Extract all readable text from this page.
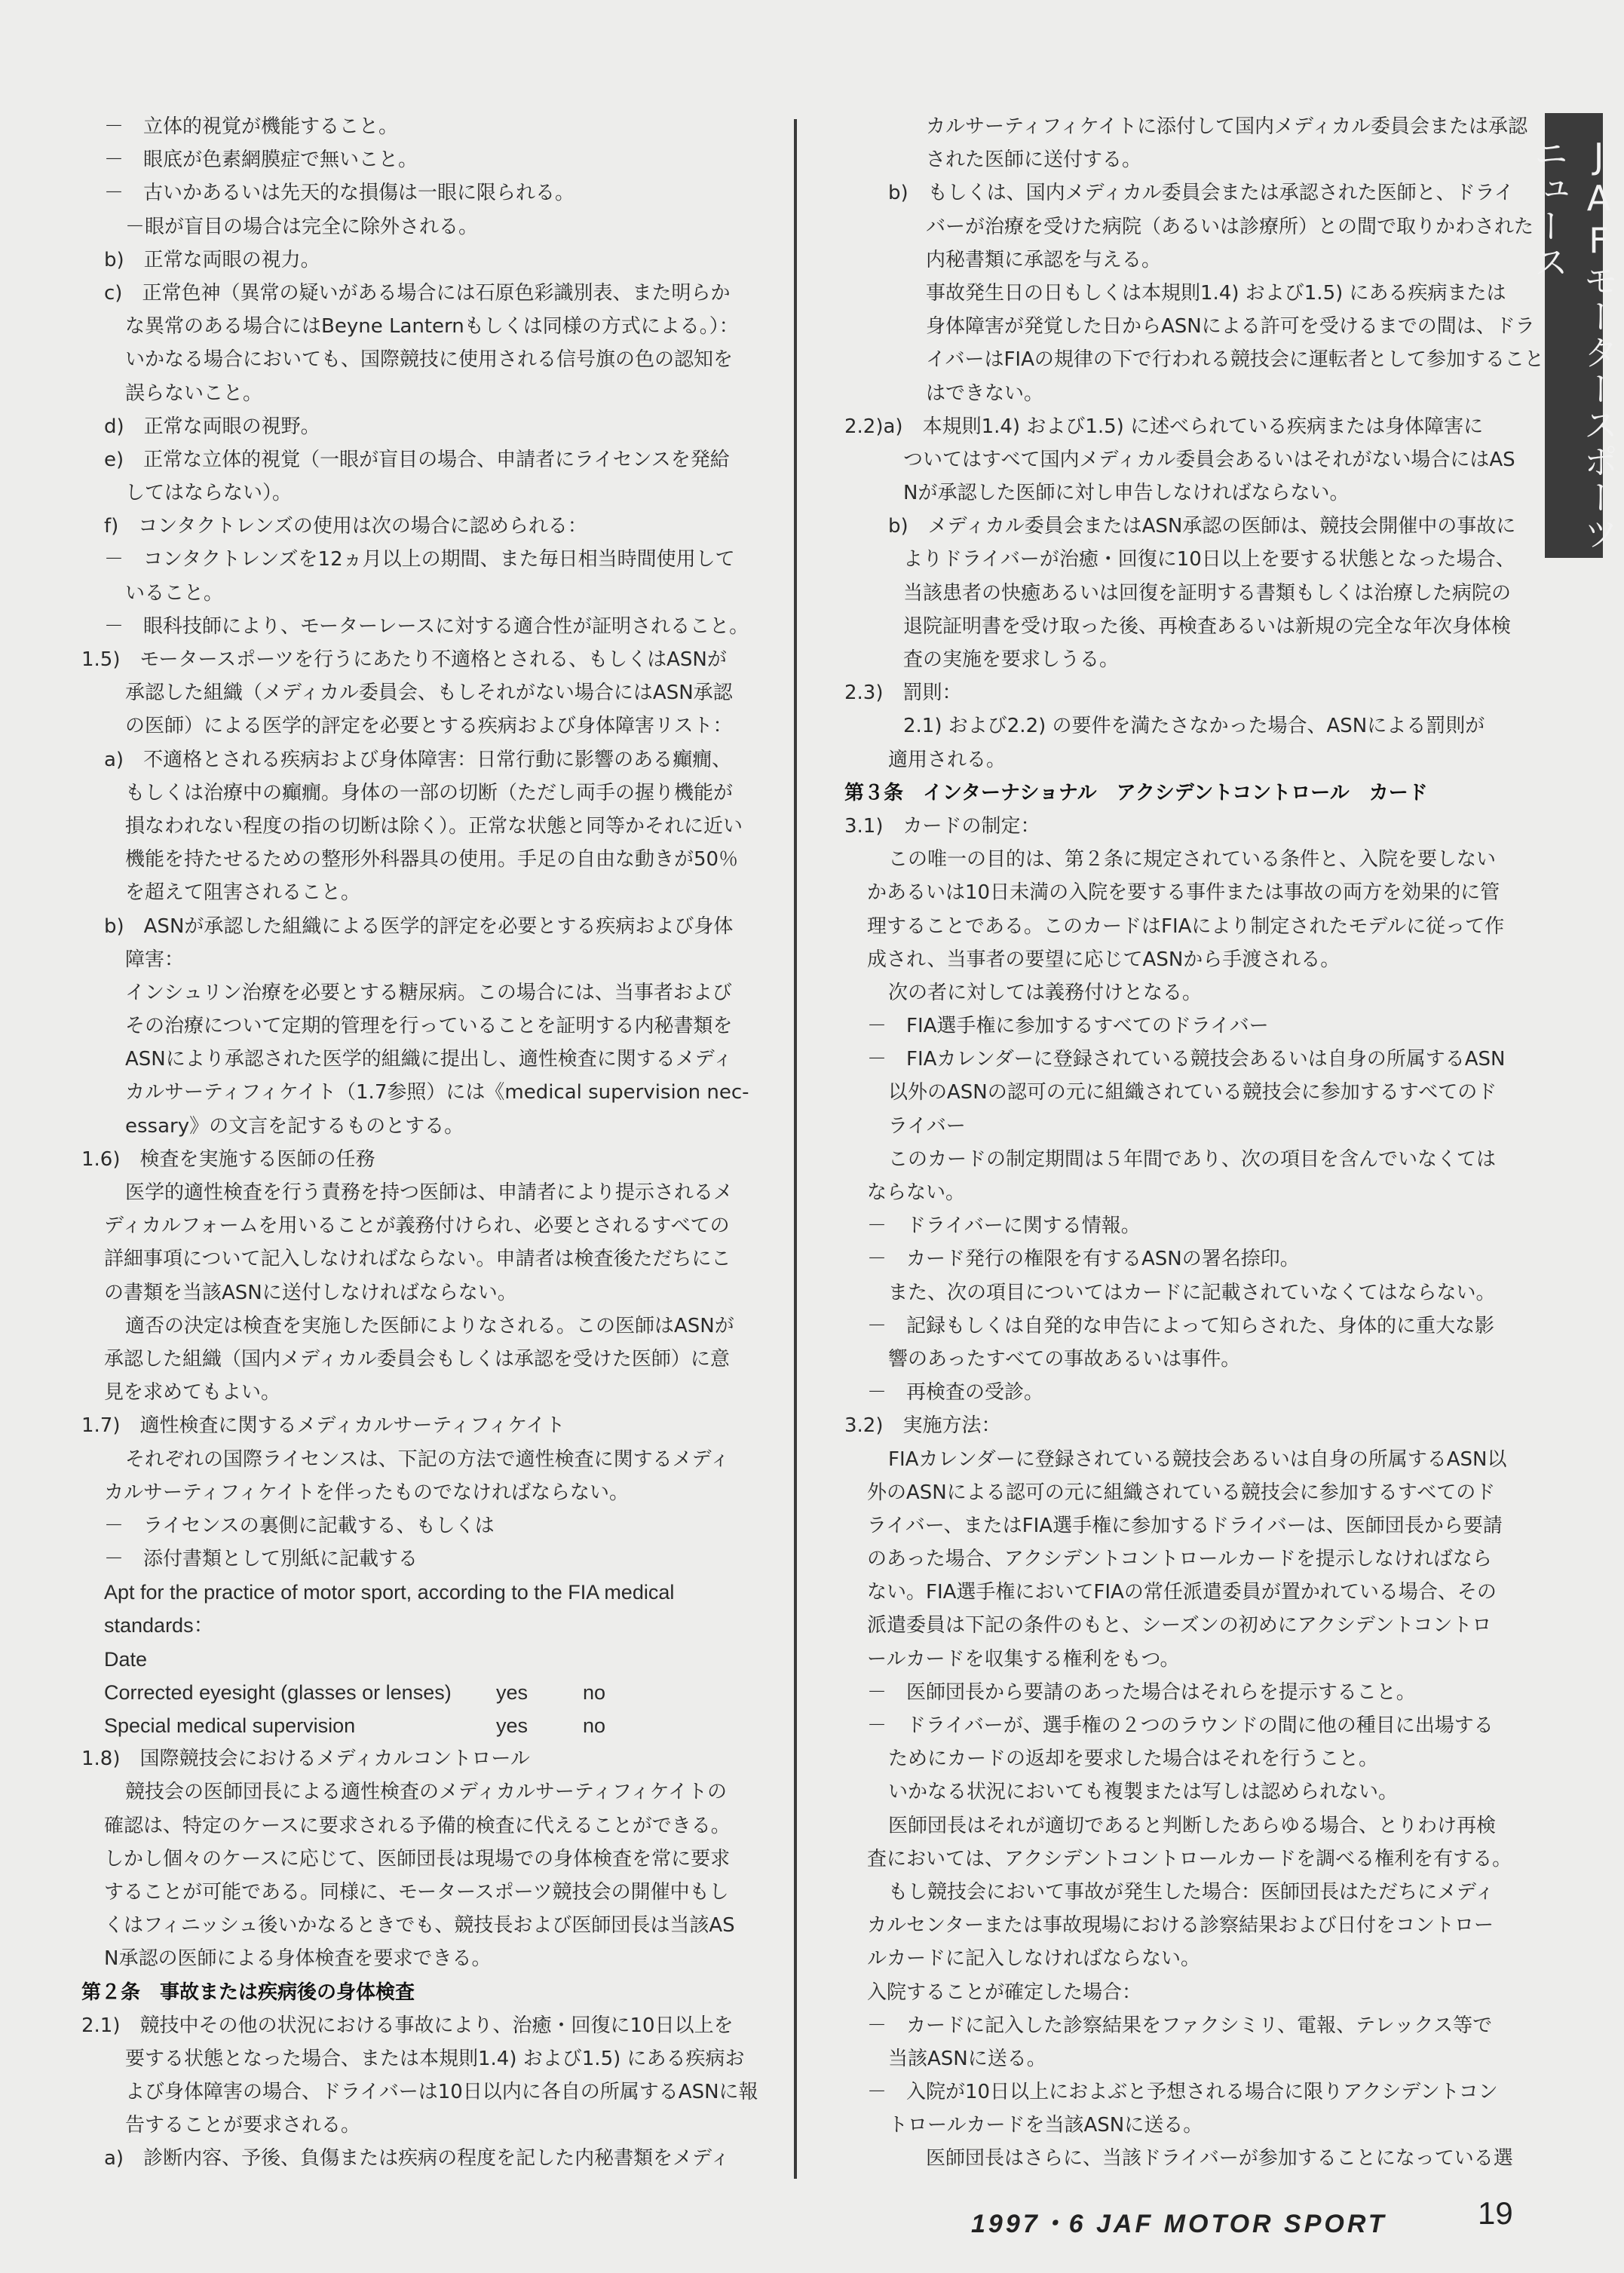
－　立体的視覚が機能すること。
－　眼底が色素網膜症で無いこと。
－　古いかあるいは先天的な損傷は一眼に限られる。
－眼が盲目の場合は完全に除外される。
b)　正常な両眼の視力。
c)　正常色神（異常の疑いがある場合には石原色彩識別表、また明らか
な異常のある場合にはBeyne Lanternもしくは同様の方式による。）：
いかなる場合においても、国際競技に使用される信号旗の色の認知を
誤らないこと。
d)　正常な両眼の視野。
e)　正常な立体的視覚（一眼が盲目の場合、申請者にライセンスを発給
してはならない）。
f)　コンタクトレンズの使用は次の場合に認められる：
－　コンタクトレンズを12ヵ月以上の期間、また毎日相当時間使用して
いること。
－　眼科技師により、モーターレースに対する適合性が証明されること。
1.5)　モータースポーツを行うにあたり不適格とされる、もしくはASNが
承認した組織（メディカル委員会、もしそれがない場合にはASN承認
の医師）による医学的評定を必要とする疾病および身体障害リスト：
a)　不適格とされる疾病および身体障害：日常行動に影響のある癲癇、
もしくは治療中の癲癇。身体の一部の切断（ただし両手の握り機能が
損なわれない程度の指の切断は除く）。正常な状態と同等かそれに近い
機能を持たせるための整形外科器具の使用。手足の自由な動きが50％
を超えて阻害されること。
b)　ASNが承認した組織による医学的評定を必要とする疾病および身体
障害：
インシュリン治療を必要とする糖尿病。この場合には、当事者および
その治療について定期的管理を行っていることを証明する内秘書類を
ASNにより承認された医学的組織に提出し、適性検査に関するメディ
カルサーティフィケイト（1.7参照）には《medical supervision nec-
essary》の文言を記するものとする。
1.6)　検査を実施する医師の任務
医学的適性検査を行う責務を持つ医師は、申請者により提示されるメ
ディカルフォームを用いることが義務付けられ、必要とされるすべての
詳細事項について記入しなければならない。申請者は検査後ただちにこ
の書類を当該ASNに送付しなければならない。
適否の決定は検査を実施した医師によりなされる。この医師はASNが
承認した組織（国内メディカル委員会もしくは承認を受けた医師）に意
見を求めてもよい。
1.7)　適性検査に関するメディカルサーティフィケイト
それぞれの国際ライセンスは、下記の方法で適性検査に関するメディ
カルサーティフィケイトを伴ったものでなければならない。
－　ライセンスの裏側に記載する、もしくは
－　添付書類として別紙に記載する
Apt for the practice of motor sport, according to the FIA medical
standards：
Date
Corrected eyesight (glasses or lenses) yes	no
Special medical supervision	yes	no
1.8)　国際競技会におけるメディカルコントロール
競技会の医師団長による適性検査のメディカルサーティフィケイトの
確認は、特定のケースに要求される予備的検査に代えることができる。
しかし個々のケースに応じて、医師団長は現場での身体検査を常に要求
することが可能である。同様に、モータースポーツ競技会の開催中もし
くはフィニッシュ後いかなるときでも、競技長および医師団長は当該AS
N承認の医師による身体検査を要求できる。
第２条　事故または疾病後の身体検査
2.1)　競技中その他の状況における事故により、治癒・回復に10日以上を
要する状態となった場合、または本規則1.4) および1.5) にある疾病お
よび身体障害の場合、ドライバーは10日以内に各自の所属するASNに報
告することが要求される。
a)　診断内容、予後、負傷または疾病の程度を記した内秘書類をメディ
カルサーティフィケイトに添付して国内メディカル委員会または承認
された医師に送付する。
b)　もしくは、国内メディカル委員会または承認された医師と、ドライ
バーが治療を受けた病院（あるいは診療所）との間で取りかわされた
内秘書類に承認を与える。
事故発生日の日もしくは本規則1.4) および1.5) にある疾病または
身体障害が発覚した日からASNによる許可を受けるまでの間は、ドラ
イバーはFIAの規律の下で行われる競技会に運転者として参加すること
はできない。
2.2)a)　本規則1.4) および1.5) に述べられている疾病または身体障害に
ついてはすべて国内メディカル委員会あるいはそれがない場合にはAS
Nが承認した医師に対し申告しなければならない。
b)　メディカル委員会またはASN承認の医師は、競技会開催中の事故に
よりドライバーが治癒・回復に10日以上を要する状態となった場合、
当該患者の快癒あるいは回復を証明する書類もしくは治療した病院の
退院証明書を受け取った後、再検査あるいは新規の完全な年次身体検
査の実施を要求しうる。
2.3)　罰則：
2.1) および2.2) の要件を満たさなかった場合、ASNによる罰則が
適用される。
第３条　インターナショナル　アクシデントコントロール　カード
3.1)　カードの制定：
この唯一の目的は、第２条に規定されている条件と、入院を要しない
かあるいは10日未満の入院を要する事件または事故の両方を効果的に管
理することである。このカードはFIAにより制定されたモデルに従って作
成され、当事者の要望に応じてASNから手渡される。
次の者に対しては義務付けとなる。
－　FIA選手権に参加するすべてのドライバー
－　FIAカレンダーに登録されている競技会あるいは自身の所属するASN
以外のASNの認可の元に組織されている競技会に参加するすべてのド
ライバー
このカードの制定期間は５年間であり、次の項目を含んでいなくては
ならない。
－　ドライバーに関する情報。
－　カード発行の権限を有するASNの署名捺印。
また、次の項目についてはカードに記載されていなくてはならない。
－　記録もしくは自発的な申告によって知らされた、身体的に重大な影
響のあったすべての事故あるいは事件。
－　再検査の受診。
3.2)　実施方法：
FIAカレンダーに登録されている競技会あるいは自身の所属するASN以
外のASNによる認可の元に組織されている競技会に参加するすべてのド
ライバー、またはFIA選手権に参加するドライバーは、医師団長から要請
のあった場合、アクシデントコントロールカードを提示しなければなら
ない。FIA選手権においてFIAの常任派遣委員が置かれている場合、その
派遣委員は下記の条件のもと、シーズンの初めにアクシデントコントロ
ールカードを収集する権利をもつ。
－　医師団長から要請のあった場合はそれらを提示すること。
－　ドライバーが、選手権の２つのラウンドの間に他の種目に出場する
ためにカードの返却を要求した場合はそれを行うこと。
いかなる状況においても複製または写しは認められない。
医師団長はそれが適切であると判断したあらゆる場合、とりわけ再検
査においては、アクシデントコントロールカードを調べる権利を有する。
もし競技会において事故が発生した場合：医師団長はただちにメディ
カルセンターまたは事故現場における診察結果および日付をコントロー
ルカードに記入しなければならない。
入院することが確定した場合：
－　カードに記入した診察結果をファクシミリ、電報、テレックス等で
当該ASNに送る。
－　入院が10日以上におよぶと予想される場合に限りアクシデントコン
トロールカードを当該ASNに送る。
医師団長はさらに、当該ドライバーが参加することになっている選
JAFモータースポーツニュース
1997・6 JAF MOTOR SPORT	19
